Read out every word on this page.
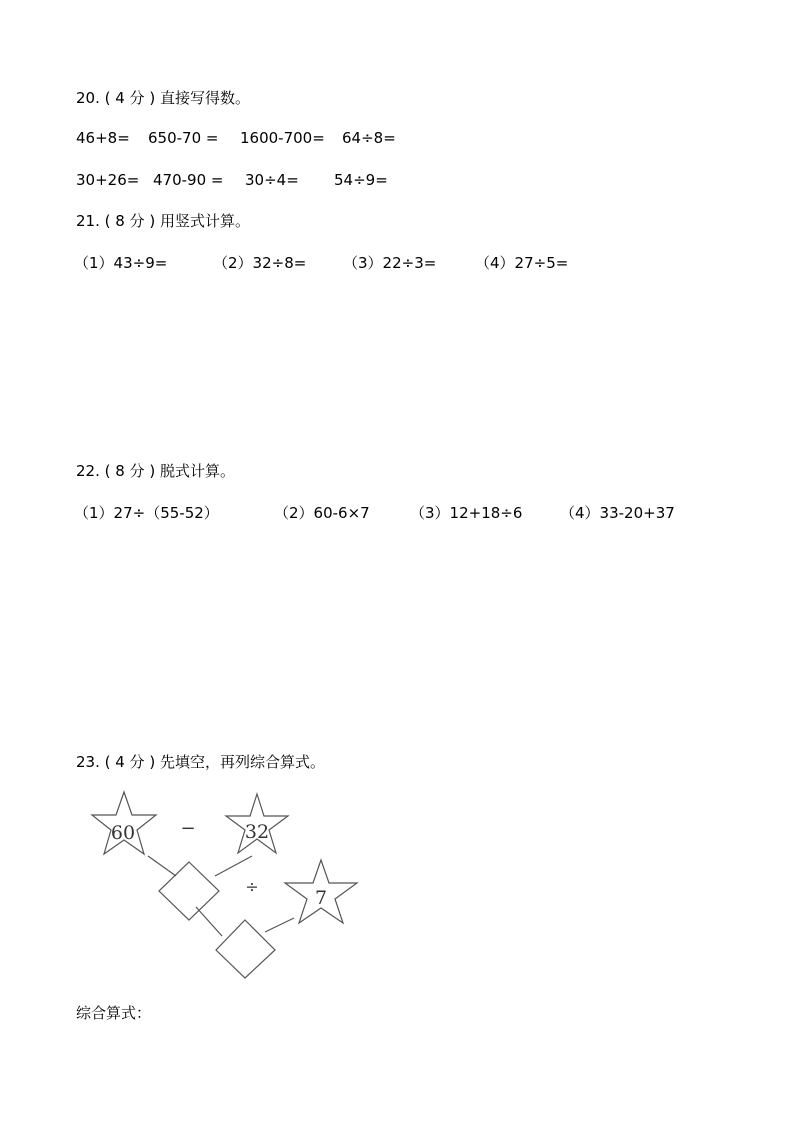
20. ( 4 分 ) 直接写得数。
46+8= 650-70 = 1600-700= 64÷8=
30+26= 470-90 = 30÷4= 54÷9=
21. ( 8 分 ) 用竖式计算。
（1）43÷9=	（2）32÷8= （3）22÷3=	（4）27÷5=
22. ( 8 分 ) 脱式计算。
（1）27÷（55-52）	（2）60-6×7	（3）12+18÷6	（4）33-20+37
23. ( 4 分 ) 先填空，再列综合算式。
60	32
7
−
÷
综合算式：
